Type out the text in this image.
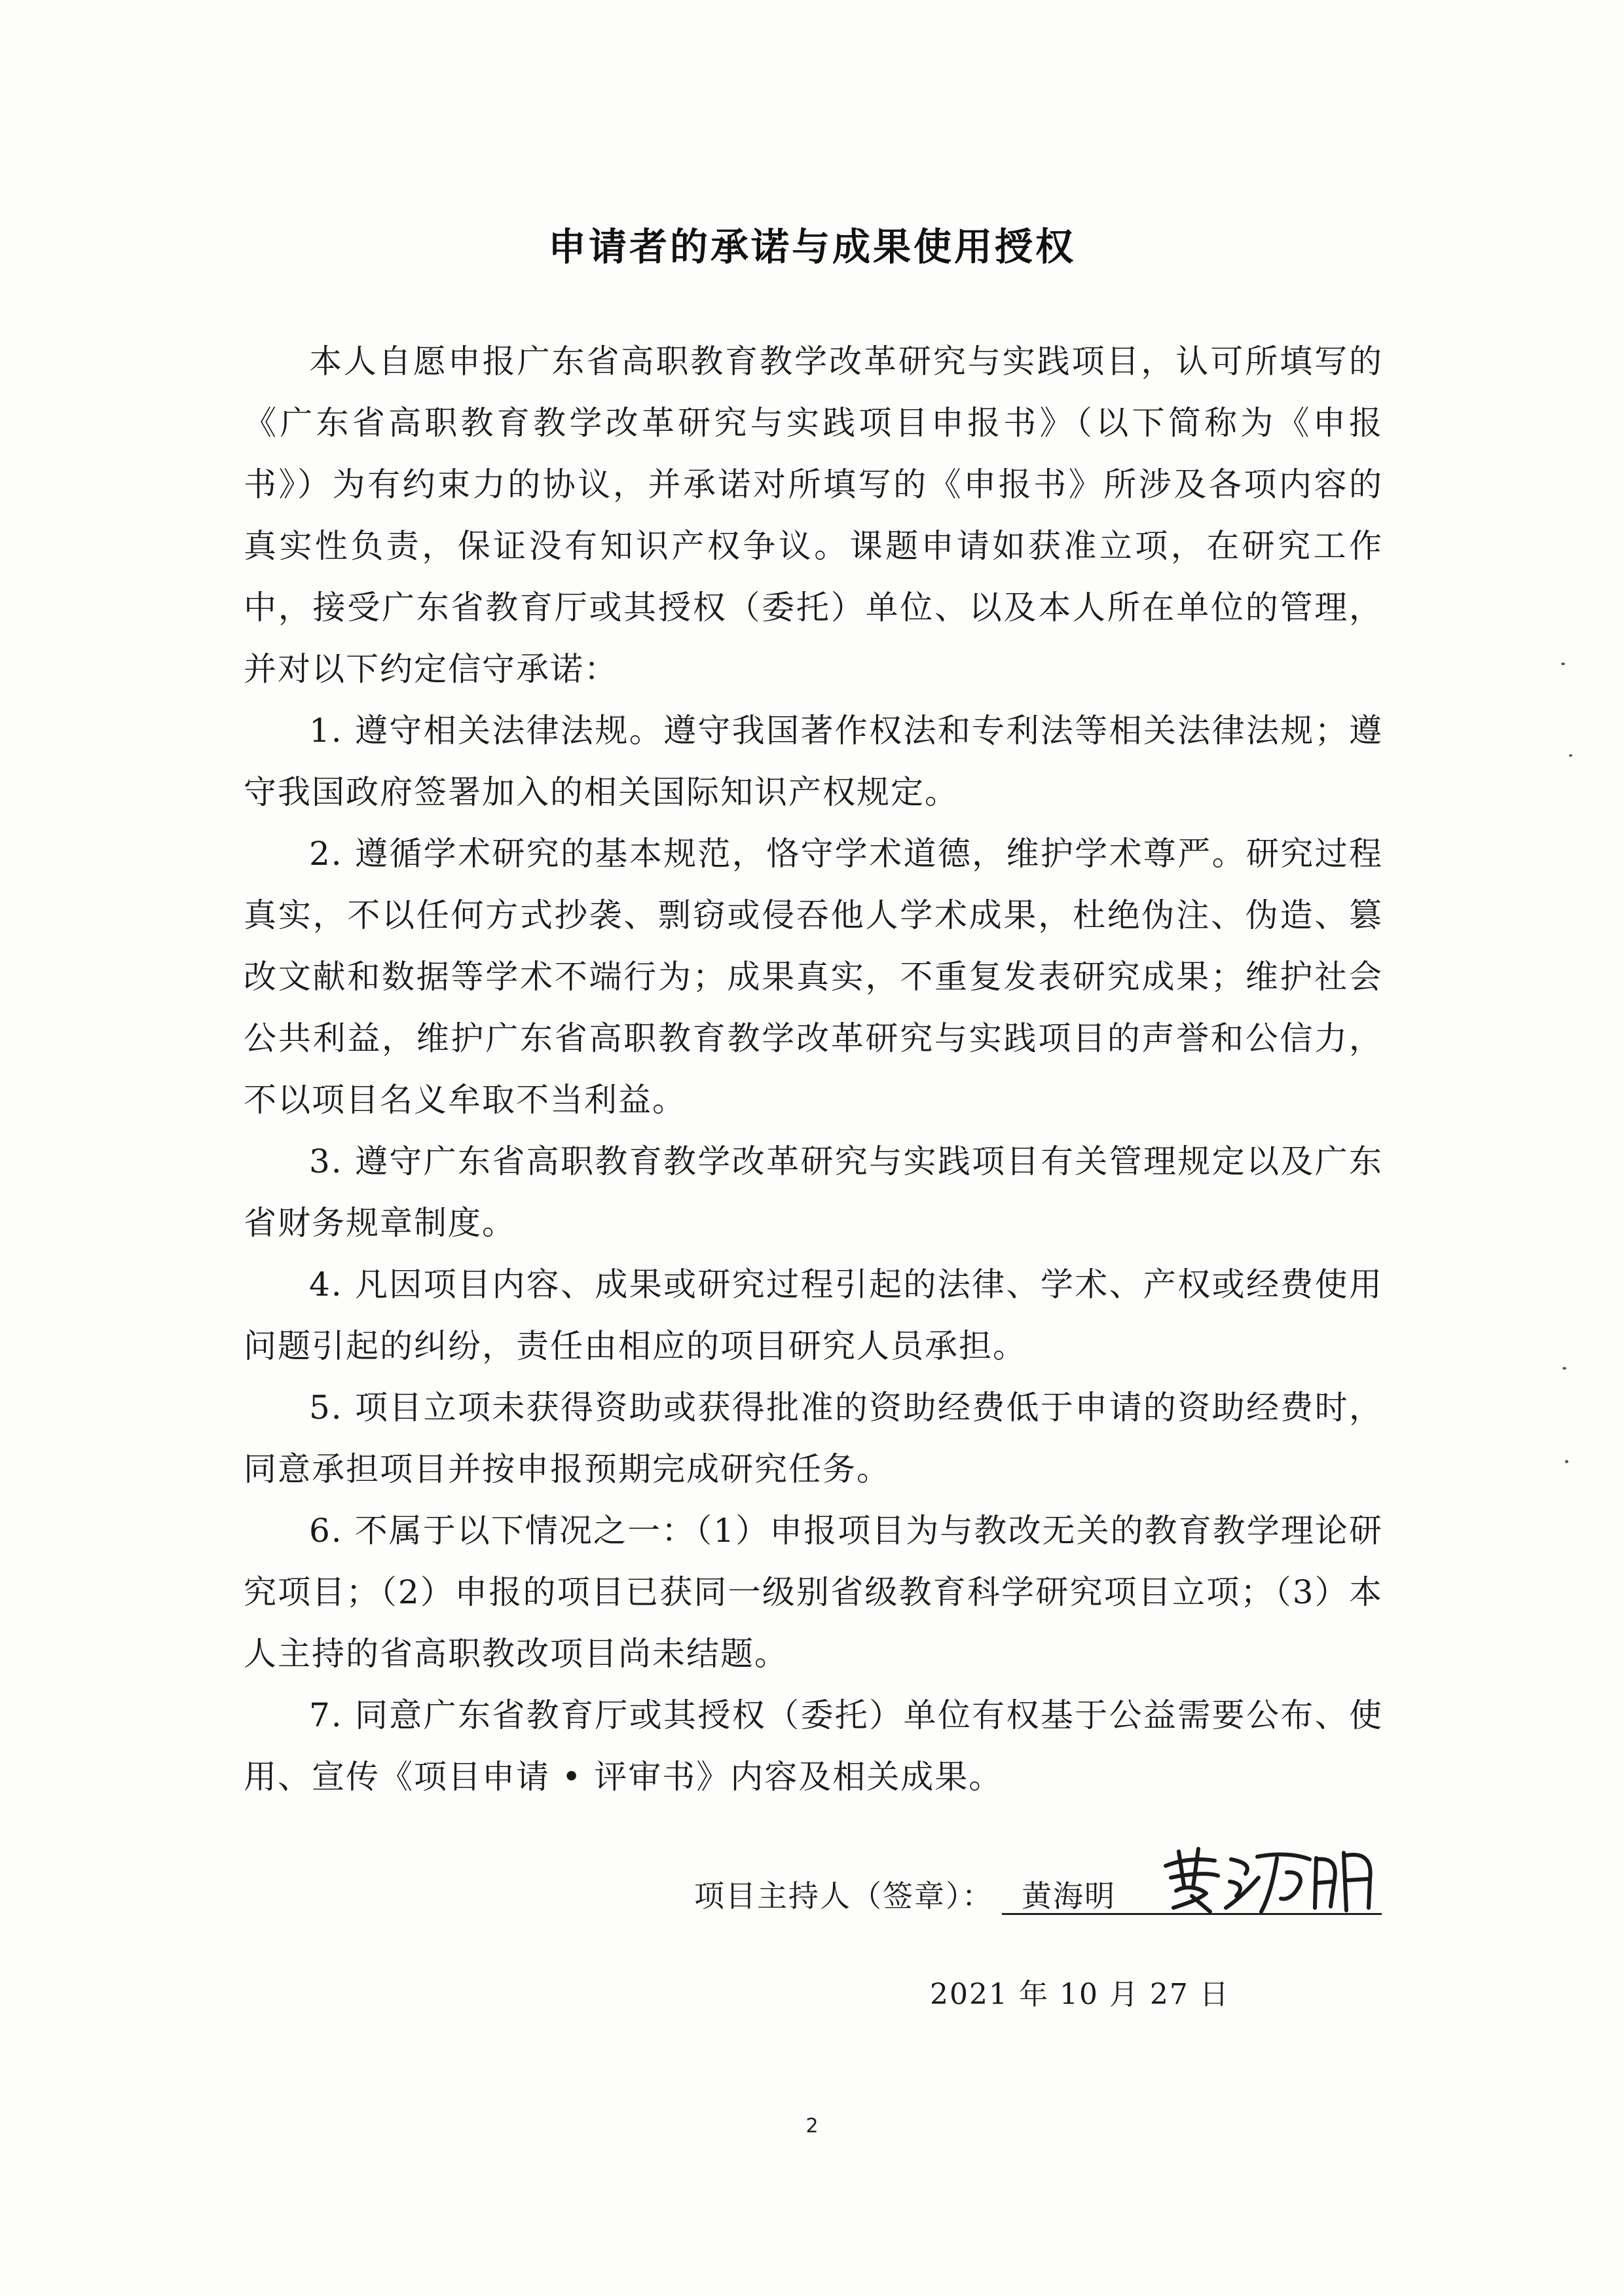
申请者的承诺与成果使用授权

本人自愿申报广东省高职教育教学改革研究与实践项目，认可所填写的《广东省高职教育教学改革研究与实践项目申报书》（以下简称为《申报书》）为有约束力的协议，并承诺对所填写的《申报书》所涉及各项内容的真实性负责，保证没有知识产权争议。课题申请如获准立项，在研究工作中，接受广东省教育厅或其授权（委托）单位、以及本人所在单位的管理，并对以下约定信守承诺：

1. 遵守相关法律法规。遵守我国著作权法和专利法等相关法律法规；遵守我国政府签署加入的相关国际知识产权规定。

2. 遵循学术研究的基本规范，恪守学术道德，维护学术尊严。研究过程真实，不以任何方式抄袭、剽窃或侵吞他人学术成果，杜绝伪注、伪造、篡改文献和数据等学术不端行为；成果真实，不重复发表研究成果；维护社会公共利益，维护广东省高职教育教学改革研究与实践项目的声誉和公信力，不以项目名义牟取不当利益。

3. 遵守广东省高职教育教学改革研究与实践项目有关管理规定以及广东省财务规章制度。

4. 凡因项目内容、成果或研究过程引起的法律、学术、产权或经费使用问题引起的纠纷，责任由相应的项目研究人员承担。

5. 项目立项未获得资助或获得批准的资助经费低于申请的资助经费时，同意承担项目并按申报预期完成研究任务。

6. 不属于以下情况之一：（1）申报项目为与教改无关的教育教学理论研究项目；（2）申报的项目已获同一级别省级教育科学研究项目立项；（3）本人主持的省高职教改项目尚未结题。

7. 同意广东省教育厅或其授权（委托）单位有权基于公益需要公布、使用、宣传《项目申请 • 评审书》内容及相关成果。

项目主持人（签章）： 黄海明
2021 年 10 月 27 日
2
